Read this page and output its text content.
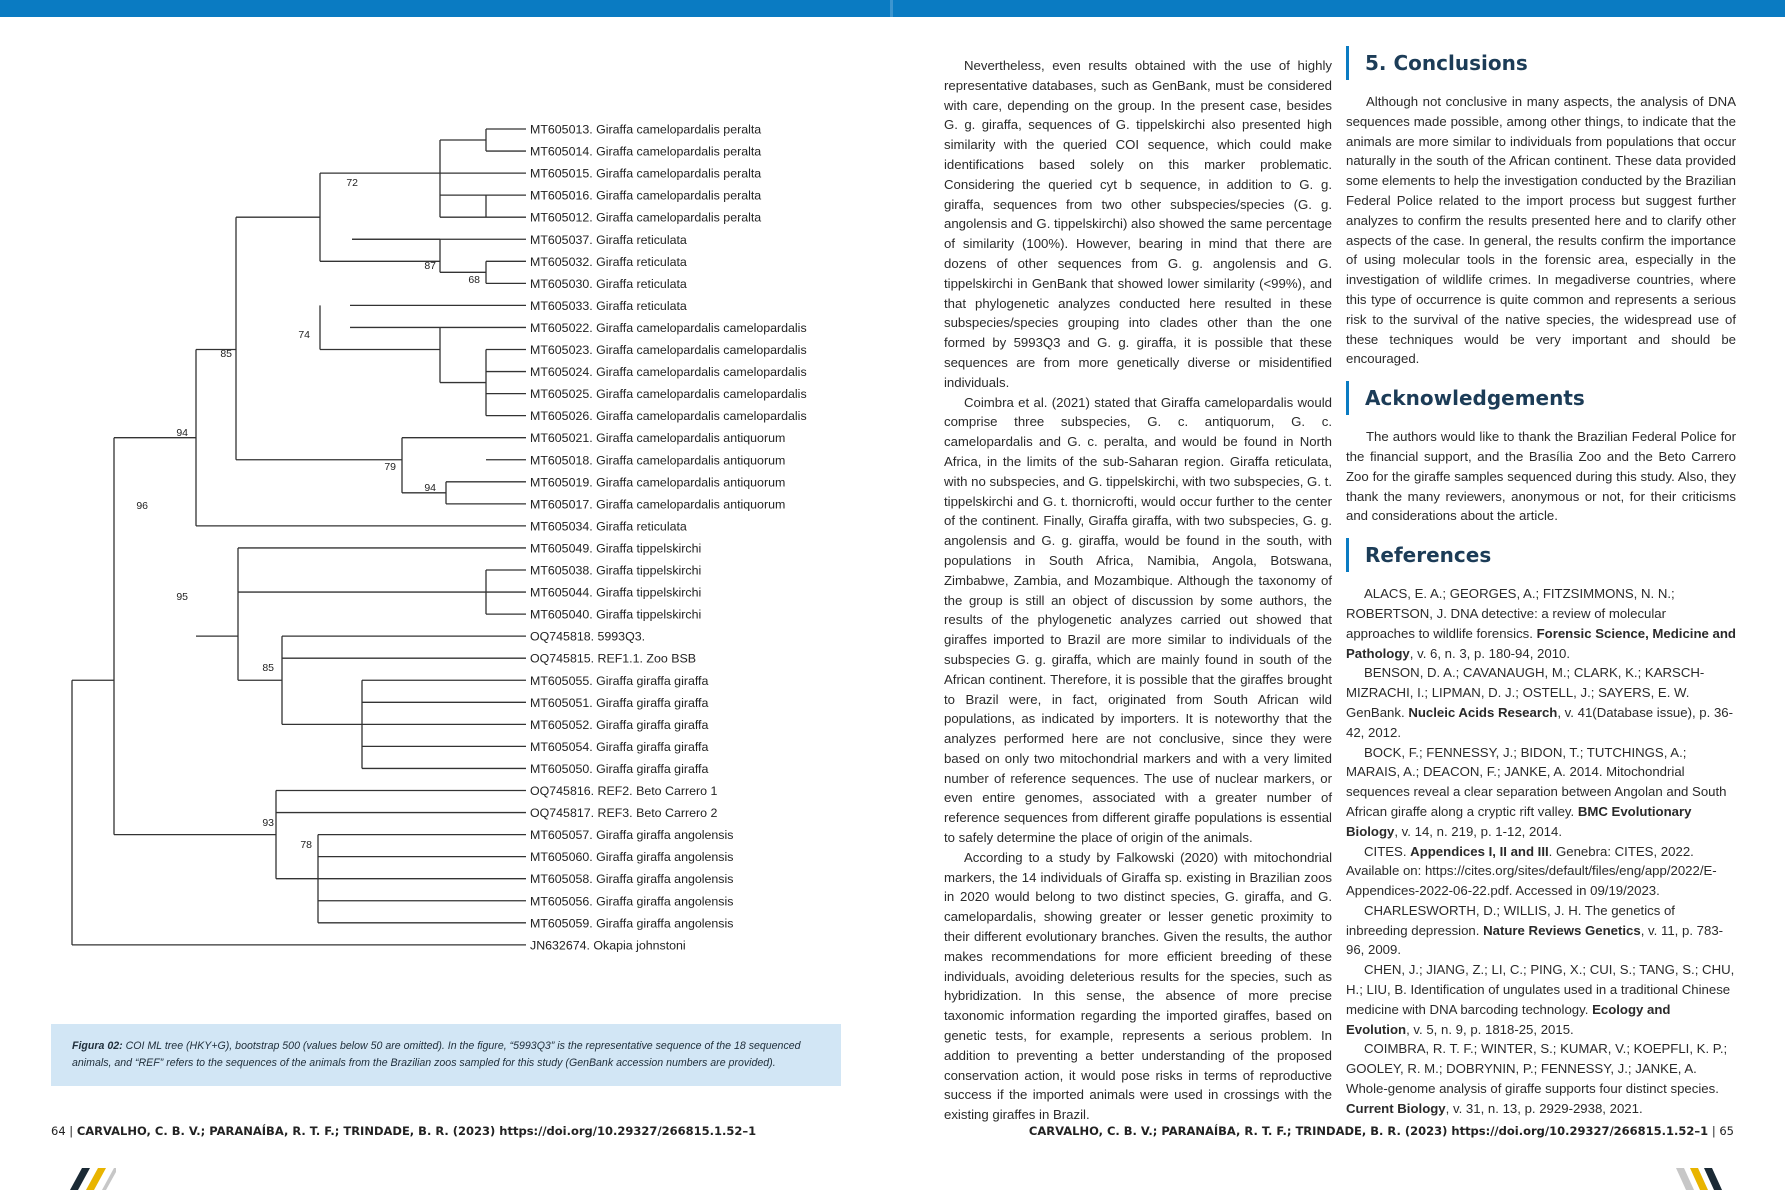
MT605013. Giraffa camelopardalis peralta
MT605014. Giraffa camelopardalis peralta
MT605015. Giraffa camelopardalis peralta
MT605016. Giraffa camelopardalis peralta
MT605012. Giraffa camelopardalis peralta
MT605037. Giraffa reticulata
MT605032. Giraffa reticulata
MT605030. Giraffa reticulata
MT605033. Giraffa reticulata
MT605022. Giraffa camelopardalis camelopardalis
MT605023. Giraffa camelopardalis camelopardalis
MT605024. Giraffa camelopardalis camelopardalis
MT605025. Giraffa camelopardalis camelopardalis
MT605026. Giraffa camelopardalis camelopardalis
MT605021. Giraffa camelopardalis antiquorum
MT605018. Giraffa camelopardalis antiquorum
MT605019. Giraffa camelopardalis antiquorum
MT605017. Giraffa camelopardalis antiquorum
MT605034. Giraffa reticulata
MT605049. Giraffa tippelskirchi
MT605038. Giraffa tippelskirchi
MT605044. Giraffa tippelskirchi
MT605040. Giraffa tippelskirchi
OQ745818. 5993Q3.
OQ745815. REF1.1. Zoo BSB
MT605055. Giraffa giraffa giraffa
MT605051. Giraffa giraffa giraffa
MT605052. Giraffa giraffa giraffa
MT605054. Giraffa giraffa giraffa
MT605050. Giraffa giraffa giraffa
OQ745816. REF2. Beto Carrero 1
OQ745817. REF3. Beto Carrero 2
MT605057. Giraffa giraffa angolensis
MT605060. Giraffa giraffa angolensis
MT605058. Giraffa giraffa angolensis
MT605056. Giraffa giraffa angolensis
MT605059. Giraffa giraffa angolensis
JN632674. Okapia johnstoni
72
87
68
74
85
94
79
94
96
95
85
93
78
Figura 02: COI ML tree (HKY+G), bootstrap 500 (values below 50 are omitted). In the figure, “5993Q3” is the representative sequence of the 18 sequenced animals, and “REF” refers to the sequences of the animals from the Brazilian zoos sampled for this study (GenBank accession numbers are provided).

Nevertheless, even results obtained with the use of highly representative databases, such as GenBank, must be considered with care, depending on the group. In the present case, besides G. g. giraffa, sequences of G. tippelskirchi also presented high similarity with the queried COI sequence, which could make identifications based solely on this marker problematic. Considering the queried cyt b sequence, in addition to G. g. giraffa, sequences from two other subspecies/species (G. g. angolensis and G. tippelskirchi) also showed the same percentage of similarity (100%). However, bearing in mind that there are dozens of other sequences from G. g. angolensis and G. tippelskirchi in GenBank that showed lower similarity (<99%), and that phylogenetic analyzes conducted here resulted in these subspecies/species grouping into clades other than the one formed by 5993Q3 and G. g. giraffa, it is possible that these sequences are from more genetically diverse or misidentified individuals.

Coimbra et al. (2021) stated that Giraffa camelopardalis would comprise three subspecies, G. c. antiquorum, G. c. camelopardalis and G. c. peralta, and would be found in North Africa, in the limits of the sub-Saharan region. Giraffa reticulata, with no subspecies, and G. tippelskirchi, with two subspecies, G. t. tippelskirchi and G. t. thornicrofti, would occur further to the center of the continent. Finally, Giraffa giraffa, with two subspecies, G. g. angolensis and G. g. giraffa, would be found in the south, with populations in South Africa, Namibia, Angola, Botswana, Zimbabwe, Zambia, and Mozambique. Although the taxonomy of the group is still an object of discussion by some authors, the results of the phylogenetic analyzes carried out showed that giraffes imported to Brazil are more similar to individuals of the subspecies G. g. giraffa, which are mainly found in south of the African continent. Therefore, it is possible that the giraffes brought to Brazil were, in fact, originated from South African wild populations, as indicated by importers. It is noteworthy that the analyzes performed here are not conclusive, since they were based on only two mitochondrial markers and with a very limited number of reference sequences. The use of nuclear markers, or even entire genomes, associated with a greater number of reference sequences from different giraffe populations is essential to safely determine the place of origin of the animals.

According to a study by Falkowski (2020) with mitochondrial markers, the 14 individuals of Giraffa sp. existing in Brazilian zoos in 2020 would belong to two distinct species, G. giraffa, and G. camelopardalis, showing greater or lesser genetic proximity to their different evolutionary branches. Given the results, the author makes recommendations for more efficient breeding of these individuals, avoiding deleterious results for the species, such as hybridization. In this sense, the absence of more precise taxonomic information regarding the imported giraffes, based on genetic tests, for example, represents a serious problem. In addition to preventing a better understanding of the proposed conservation action, it would pose risks in terms of reproductive success if the imported animals were used in crossings with the existing giraffes in Brazil.

5. Conclusions

Although not conclusive in many aspects, the analysis of DNA sequences made possible, among other things, to indicate that the animals are more similar to individuals from populations that occur naturally in the south of the African continent. These data provided some elements to help the investigation conducted by the Brazilian Federal Police related to the import process but suggest further analyzes to confirm the results presented here and to clarify other aspects of the case. In general, the results confirm the importance of using molecular tools in the forensic area, especially in the investigation of wildlife crimes. In megadiverse countries, where this type of occurrence is quite common and represents a serious risk to the survival of the native species, the widespread use of these techniques would be very important and should be encouraged.

Acknowledgements

The authors would like to thank the Brazilian Federal Police for the financial support, and the Brasília Zoo and the Beto Carrero Zoo for the giraffe samples sequenced during this study. Also, they thank the many reviewers, anonymous or not, for their criticisms and considerations about the article.

References

ALACS, E. A.; GEORGES, A.; FITZSIMMONS, N. N.; ROBERTSON, J. DNA detective: a review of molecular approaches to wildlife forensics. Forensic Science, Medicine and Pathology, v. 6, n. 3, p. 180-94, 2010.

BENSON, D. A.; CAVANAUGH, M.; CLARK, K.; KARSCH-MIZRACHI, I.; LIPMAN, D. J.; OSTELL, J.; SAYERS, E. W. GenBank. Nucleic Acids Research, v. 41(Database issue), p. 36-42, 2012.

BOCK, F.; FENNESSY, J.; BIDON, T.; TUTCHINGS, A.; MARAIS, A.; DEACON, F.; JANKE, A. 2014. Mitochondrial sequences reveal a clear separation between Angolan and South African giraffe along a cryptic rift valley. BMC Evolutionary Biology, v. 14, n. 219, p. 1-12, 2014.

CITES. Appendices I, II and III. Genebra: CITES, 2022. Available on: https://cites.org/sites/default/files/eng/app/2022/E-Appendices-2022-06-22.pdf. Accessed in 09/19/2023.

CHARLESWORTH, D.; WILLIS, J. H. The genetics of inbreeding depression. Nature Reviews Genetics, v. 11, p. 783-96, 2009.

CHEN, J.; JIANG, Z.; LI, C.; PING, X.; CUI, S.; TANG, S.; CHU, H.; LIU, B. Identification of ungulates used in a traditional Chinese medicine with DNA barcoding technology. Ecology and Evolution, v. 5, n. 9, p. 1818-25, 2015.

COIMBRA, R. T. F.; WINTER, S.; KUMAR, V.; KOEPFLI, K. P.; GOOLEY, R. M.; DOBRYNIN, P.; FENNESSY, J.; JANKE, A. Whole-genome analysis of giraffe supports four distinct species. Current Biology, v. 31, n. 13, p. 2929-2938, 2021.

64 | CARVALHO, C. B. V.; PARANAÍBA, R. T. F.; TRINDADE, B. R. (2023) https://doi.org/10.29327/266815.1.52–1	CARVALHO, C. B. V.; PARANAÍBA, R. T. F.; TRINDADE, B. R. (2023) https://doi.org/10.29327/266815.1.52–1 | 65
